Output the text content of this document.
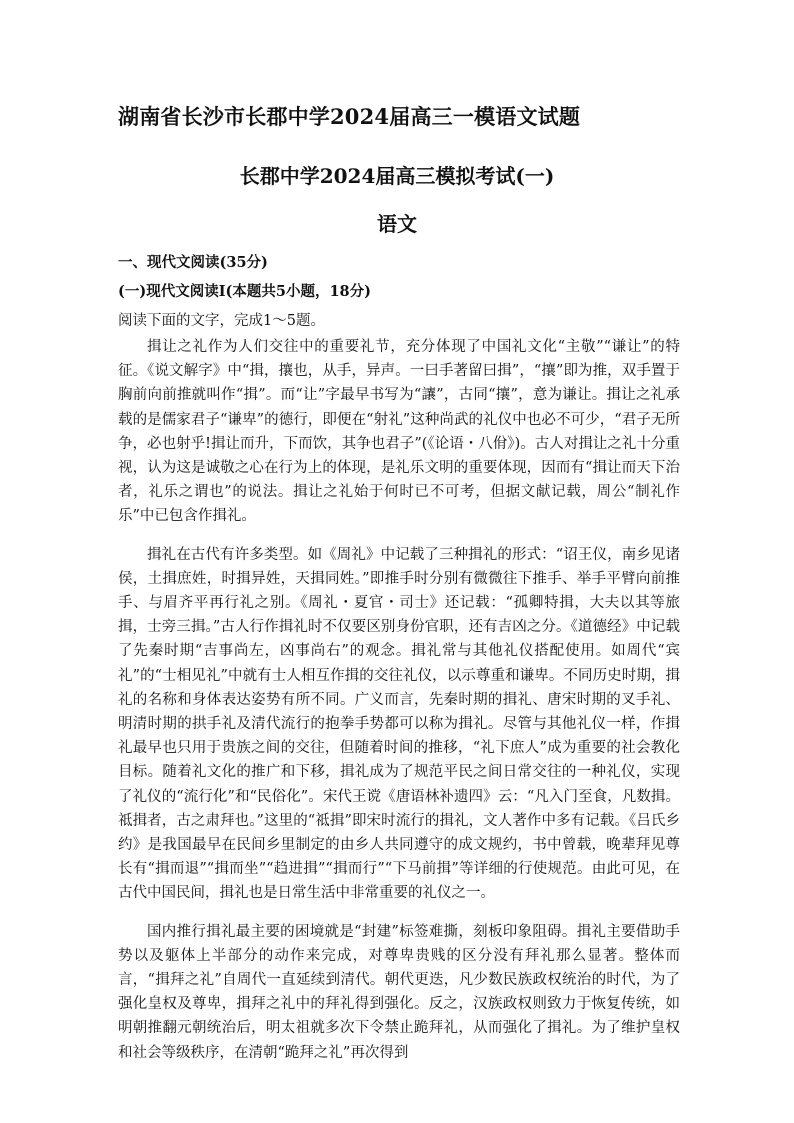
湖南省长沙市长郡中学2024届高三一模语文试题
长郡中学2024届高三模拟考试(一)
语文
一、现代文阅读(35分)
(一)现代文阅读Ⅰ(本题共5小题，18分)
阅读下面的文字，完成1～5题。

揖让之礼作为人们交往中的重要礼节，充分体现了中国礼文化“主敬”“谦让”的特征。《说文解字》中“揖，攘也，从手，异声。一曰手著留曰揖”，“攘”即为推，双手置于胸前向前推就叫作“揖”。而“让”字最早书写为“讓”，古同“攘”，意为谦让。揖让之礼承载的是儒家君子“谦卑”的德行，即便在“射礼”这种尚武的礼仪中也必不可少，“君子无所争，必也射乎!揖让而升，下而饮，其争也君子”(《论语・八佾》)。古人对揖让之礼十分重视，认为这是诚敬之心在行为上的体现，是礼乐文明的重要体现，因而有“揖让而天下治者，礼乐之谓也”的说法。揖让之礼始于何时已不可考，但据文献记载，周公“制礼作乐”中已包含作揖礼。

揖礼在古代有许多类型。如《周礼》中记载了三种揖礼的形式：“诏王仪，南乡见诸侯，土揖庶姓，时揖异姓，天揖同姓。”即推手时分别有微微往下推手、举手平臂向前推手、与眉齐平再行礼之别。《周礼・夏官・司士》还记载：“孤卿特揖，大夫以其等旅揖，士旁三揖。”古人行作揖礼时不仅要区别身份官职，还有吉凶之分。《道德经》中记载了先秦时期“吉事尚左，凶事尚右”的观念。揖礼常与其他礼仪搭配使用。如周代“宾礼”的“士相见礼”中就有士人相互作揖的交往礼仪，以示尊重和谦卑。不同历史时期，揖礼的名称和身体表达姿势有所不同。广义而言，先秦时期的揖礼、唐宋时期的叉手礼、明清时期的拱手礼及清代流行的抱拳手势都可以称为揖礼。尽管与其他礼仪一样，作揖礼最早也只用于贵族之间的交往，但随着时间的推移，“礼下庶人”成为重要的社会教化目标。随着礼文化的推广和下移，揖礼成为了规范平民之间日常交往的一种礼仪，实现了礼仪的“流行化”和“民俗化”。宋代王谠《唐语林补遗四》云：“凡入门至食，凡数揖。祗揖者，古之肃拜也。”这里的“祗揖”即宋时流行的揖礼，文人著作中多有记载。《吕氏乡约》是我国最早在民间乡里制定的由乡人共同遵守的成文规约，书中曾载，晚辈拜见尊长有“揖而退”“揖而坐”“趋进揖”“揖而行”“下马前揖”等详细的行使规范。由此可见，在古代中国民间，揖礼也是日常生活中非常重要的礼仪之一。

国内推行揖礼最主要的困境就是“封建”标签难撕，刻板印象阻碍。揖礼主要借助手势以及躯体上半部分的动作来完成，对尊卑贵贱的区分没有拜礼那么显著。整体而言，“揖拜之礼”自周代一直延续到清代。朝代更迭，凡少数民族政权统治的时代，为了强化皇权及尊卑，揖拜之礼中的拜礼得到强化。反之，汉族政权则致力于恢复传统，如明朝推翻元朝统治后，明太祖就多次下令禁止跪拜礼，从而强化了揖礼。为了维护皇权和社会等级秩序，在清朝“跪拜之礼”再次得到
